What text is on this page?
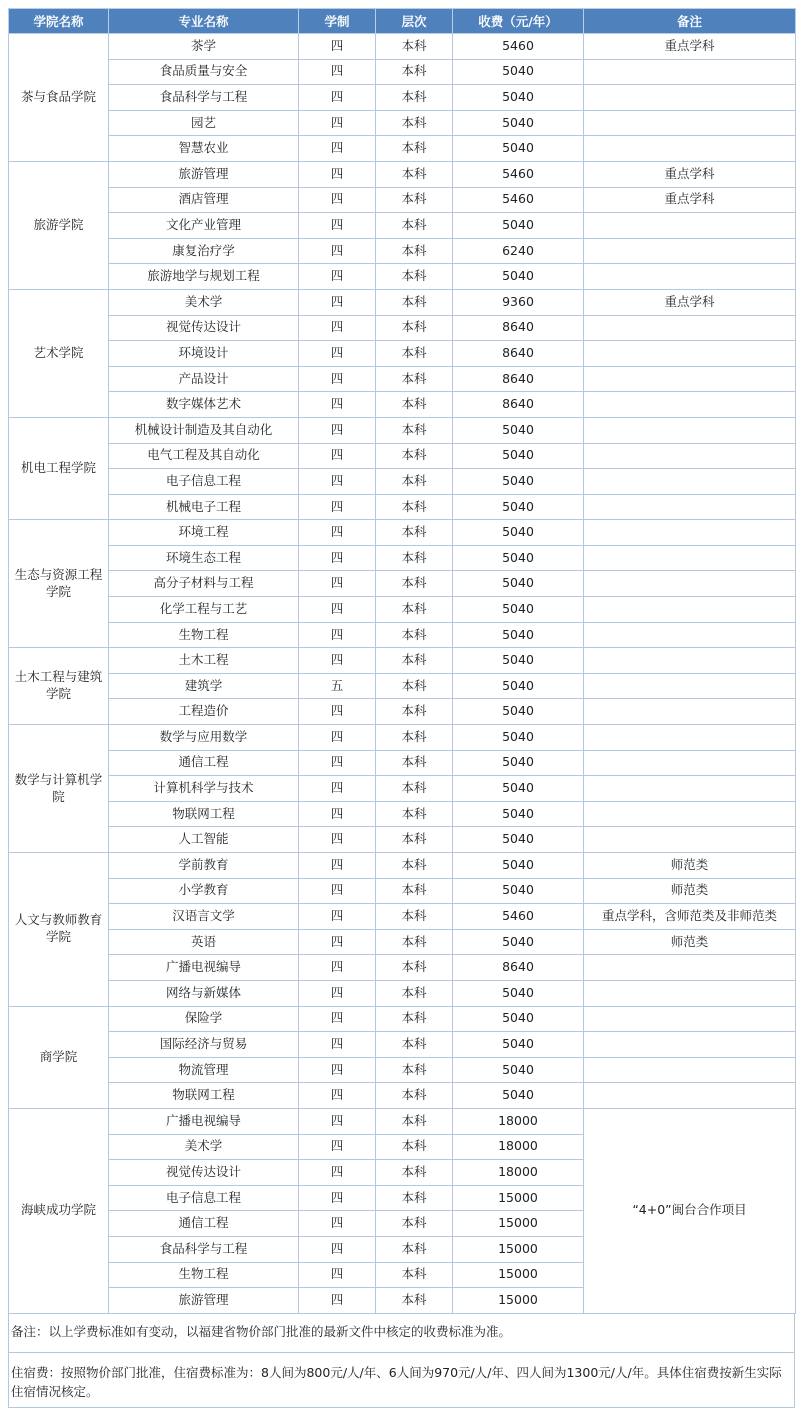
学院名称	专业名称	学制	层次	收费（元/年）	备注
茶与食品学院	茶学	四	本科	5460	重点学科
	食品质量与安全	四	本科	5040	
	食品科学与工程	四	本科	5040	
	园艺	四	本科	5040	
	智慧农业	四	本科	5040	
旅游学院	旅游管理	四	本科	5460	重点学科
	酒店管理	四	本科	5460	重点学科
	文化产业管理	四	本科	5040	
	康复治疗学	四	本科	6240	
	旅游地学与规划工程	四	本科	5040	
艺术学院	美术学	四	本科	9360	重点学科
	视觉传达设计	四	本科	8640	
	环境设计	四	本科	8640	
	产品设计	四	本科	8640	
	数字媒体艺术	四	本科	8640	
机电工程学院	机械设计制造及其自动化	四	本科	5040	
	电气工程及其自动化	四	本科	5040	
	电子信息工程	四	本科	5040	
	机械电子工程	四	本科	5040	
生态与资源工程学院	环境工程	四	本科	5040	
	环境生态工程	四	本科	5040	
	高分子材料与工程	四	本科	5040	
	化学工程与工艺	四	本科	5040	
	生物工程	四	本科	5040	
土木工程与建筑学院	土木工程	四	本科	5040	
	建筑学	五	本科	5040	
	工程造价	四	本科	5040	
数学与计算机学院	数学与应用数学	四	本科	5040	
	通信工程	四	本科	5040	
	计算机科学与技术	四	本科	5040	
	物联网工程	四	本科	5040	
	人工智能	四	本科	5040	
人文与教师教育学院	学前教育	四	本科	5040	师范类
	小学教育	四	本科	5040	师范类
	汉语言文学	四	本科	5460	重点学科，含师范类及非师范类
	英语	四	本科	5040	师范类
	广播电视编导	四	本科	8640	
	网络与新媒体	四	本科	5040	
商学院	保险学	四	本科	5040	
	国际经济与贸易	四	本科	5040	
	物流管理	四	本科	5040	
	物联网工程	四	本科	5040	
海峡成功学院	广播电视编导	四	本科	18000	“4+0”闽台合作项目
	美术学	四	本科	18000	
	视觉传达设计	四	本科	18000	
	电子信息工程	四	本科	15000	
	通信工程	四	本科	15000	
	食品科学与工程	四	本科	15000	
	生物工程	四	本科	15000	
	旅游管理	四	本科	15000	
备注：以上学费标准如有变动，以福建省物价部门批准的最新文件中核定的收费标准为准。
住宿费：按照物价部门批准，住宿费标准为：8人间为800元/人/年、6人间为970元/人/年、四人间为1300元/人/年。具体住宿费按新生实际住宿情况核定。
